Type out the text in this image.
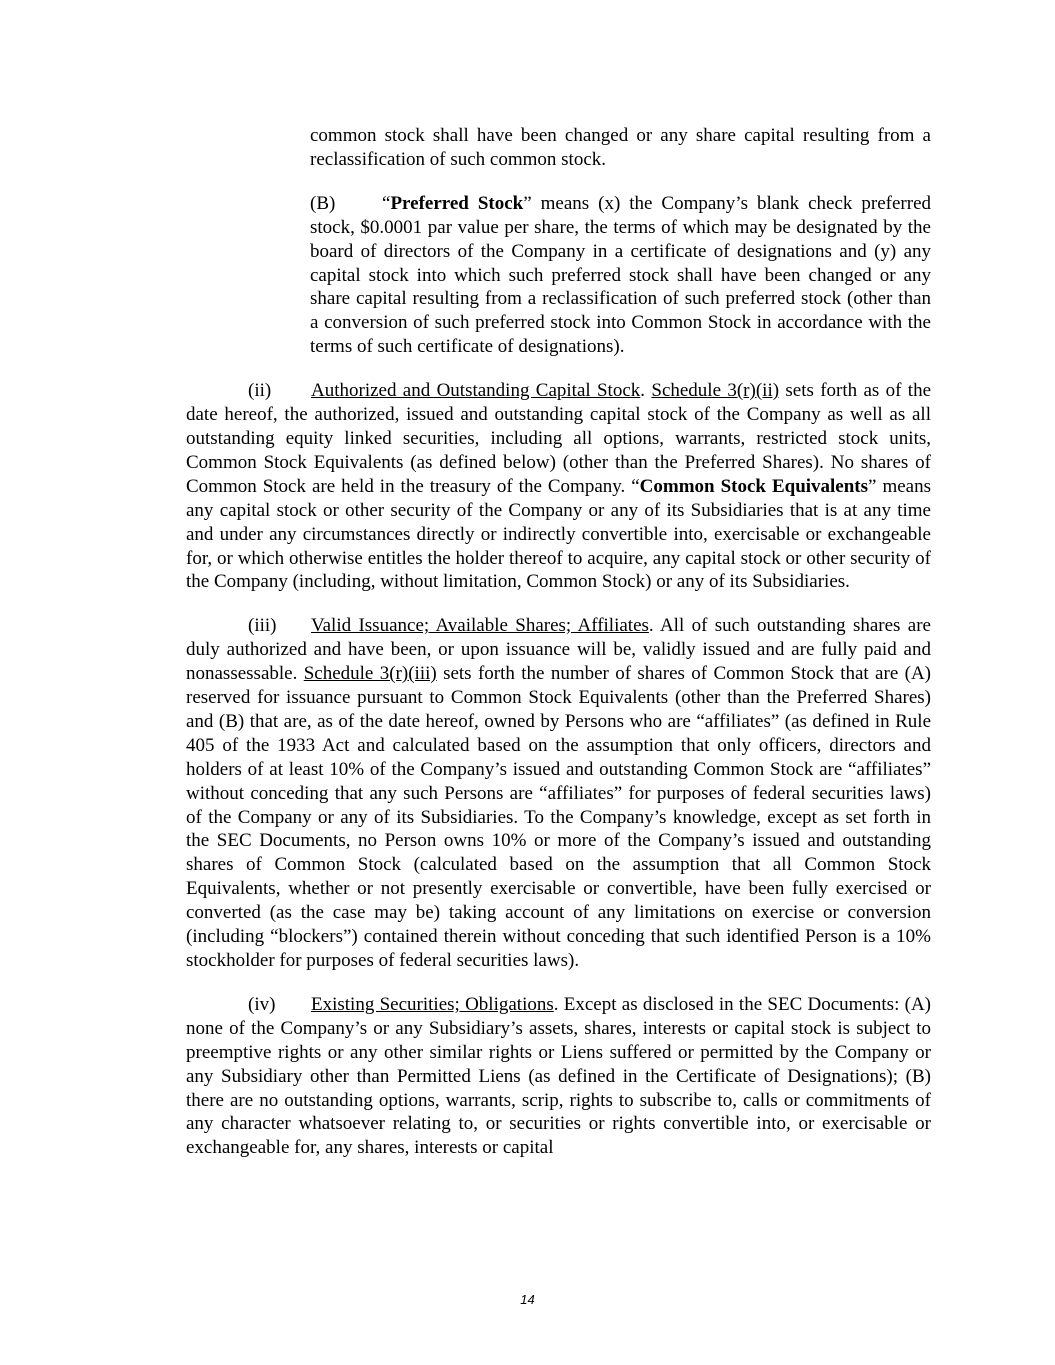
common stock shall have been changed or any share capital resulting from a reclassification of such common stock.

(B) “Preferred Stock” means (x) the Company’s blank check preferred stock, $0.0001 par value per share, the terms of which may be designated by the board of directors of the Company in a certificate of designations and (y) any capital stock into which such preferred stock shall have been changed or any share capital resulting from a reclassification of such preferred stock (other than a conversion of such preferred stock into Common Stock in accordance with the terms of such certificate of designations).

(ii) Authorized and Outstanding Capital Stock. Schedule 3(r)(ii) sets forth as of the date hereof, the authorized, issued and outstanding capital stock of the Company as well as all outstanding equity linked securities, including all options, warrants, restricted stock units, Common Stock Equivalents (as defined below) (other than the Preferred Shares). No shares of Common Stock are held in the treasury of the Company. “Common Stock Equivalents” means any capital stock or other security of the Company or any of its Subsidiaries that is at any time and under any circumstances directly or indirectly convertible into, exercisable or exchangeable for, or which otherwise entitles the holder thereof to acquire, any capital stock or other security of the Company (including, without limitation, Common Stock) or any of its Subsidiaries.

(iii) Valid Issuance; Available Shares; Affiliates. All of such outstanding shares are duly authorized and have been, or upon issuance will be, validly issued and are fully paid and nonassessable. Schedule 3(r)(iii) sets forth the number of shares of Common Stock that are (A) reserved for issuance pursuant to Common Stock Equivalents (other than the Preferred Shares) and (B) that are, as of the date hereof, owned by Persons who are “affiliates” (as defined in Rule 405 of the 1933 Act and calculated based on the assumption that only officers, directors and holders of at least 10% of the Company’s issued and outstanding Common Stock are “affiliates” without conceding that any such Persons are “affiliates” for purposes of federal securities laws) of the Company or any of its Subsidiaries. To the Company’s knowledge, except as set forth in the SEC Documents, no Person owns 10% or more of the Company’s issued and outstanding shares of Common Stock (calculated based on the assumption that all Common Stock Equivalents, whether or not presently exercisable or convertible, have been fully exercised or converted (as the case may be) taking account of any limitations on exercise or conversion (including “blockers”) contained therein without conceding that such identified Person is a 10% stockholder for purposes of federal securities laws).

(iv) Existing Securities; Obligations. Except as disclosed in the SEC Documents: (A) none of the Company’s or any Subsidiary’s assets, shares, interests or capital stock is subject to preemptive rights or any other similar rights or Liens suffered or permitted by the Company or any Subsidiary other than Permitted Liens (as defined in the Certificate of Designations); (B) there are no outstanding options, warrants, scrip, rights to subscribe to, calls or commitments of any character whatsoever relating to, or securities or rights convertible into, or exercisable or exchangeable for, any shares, interests or capital

14
